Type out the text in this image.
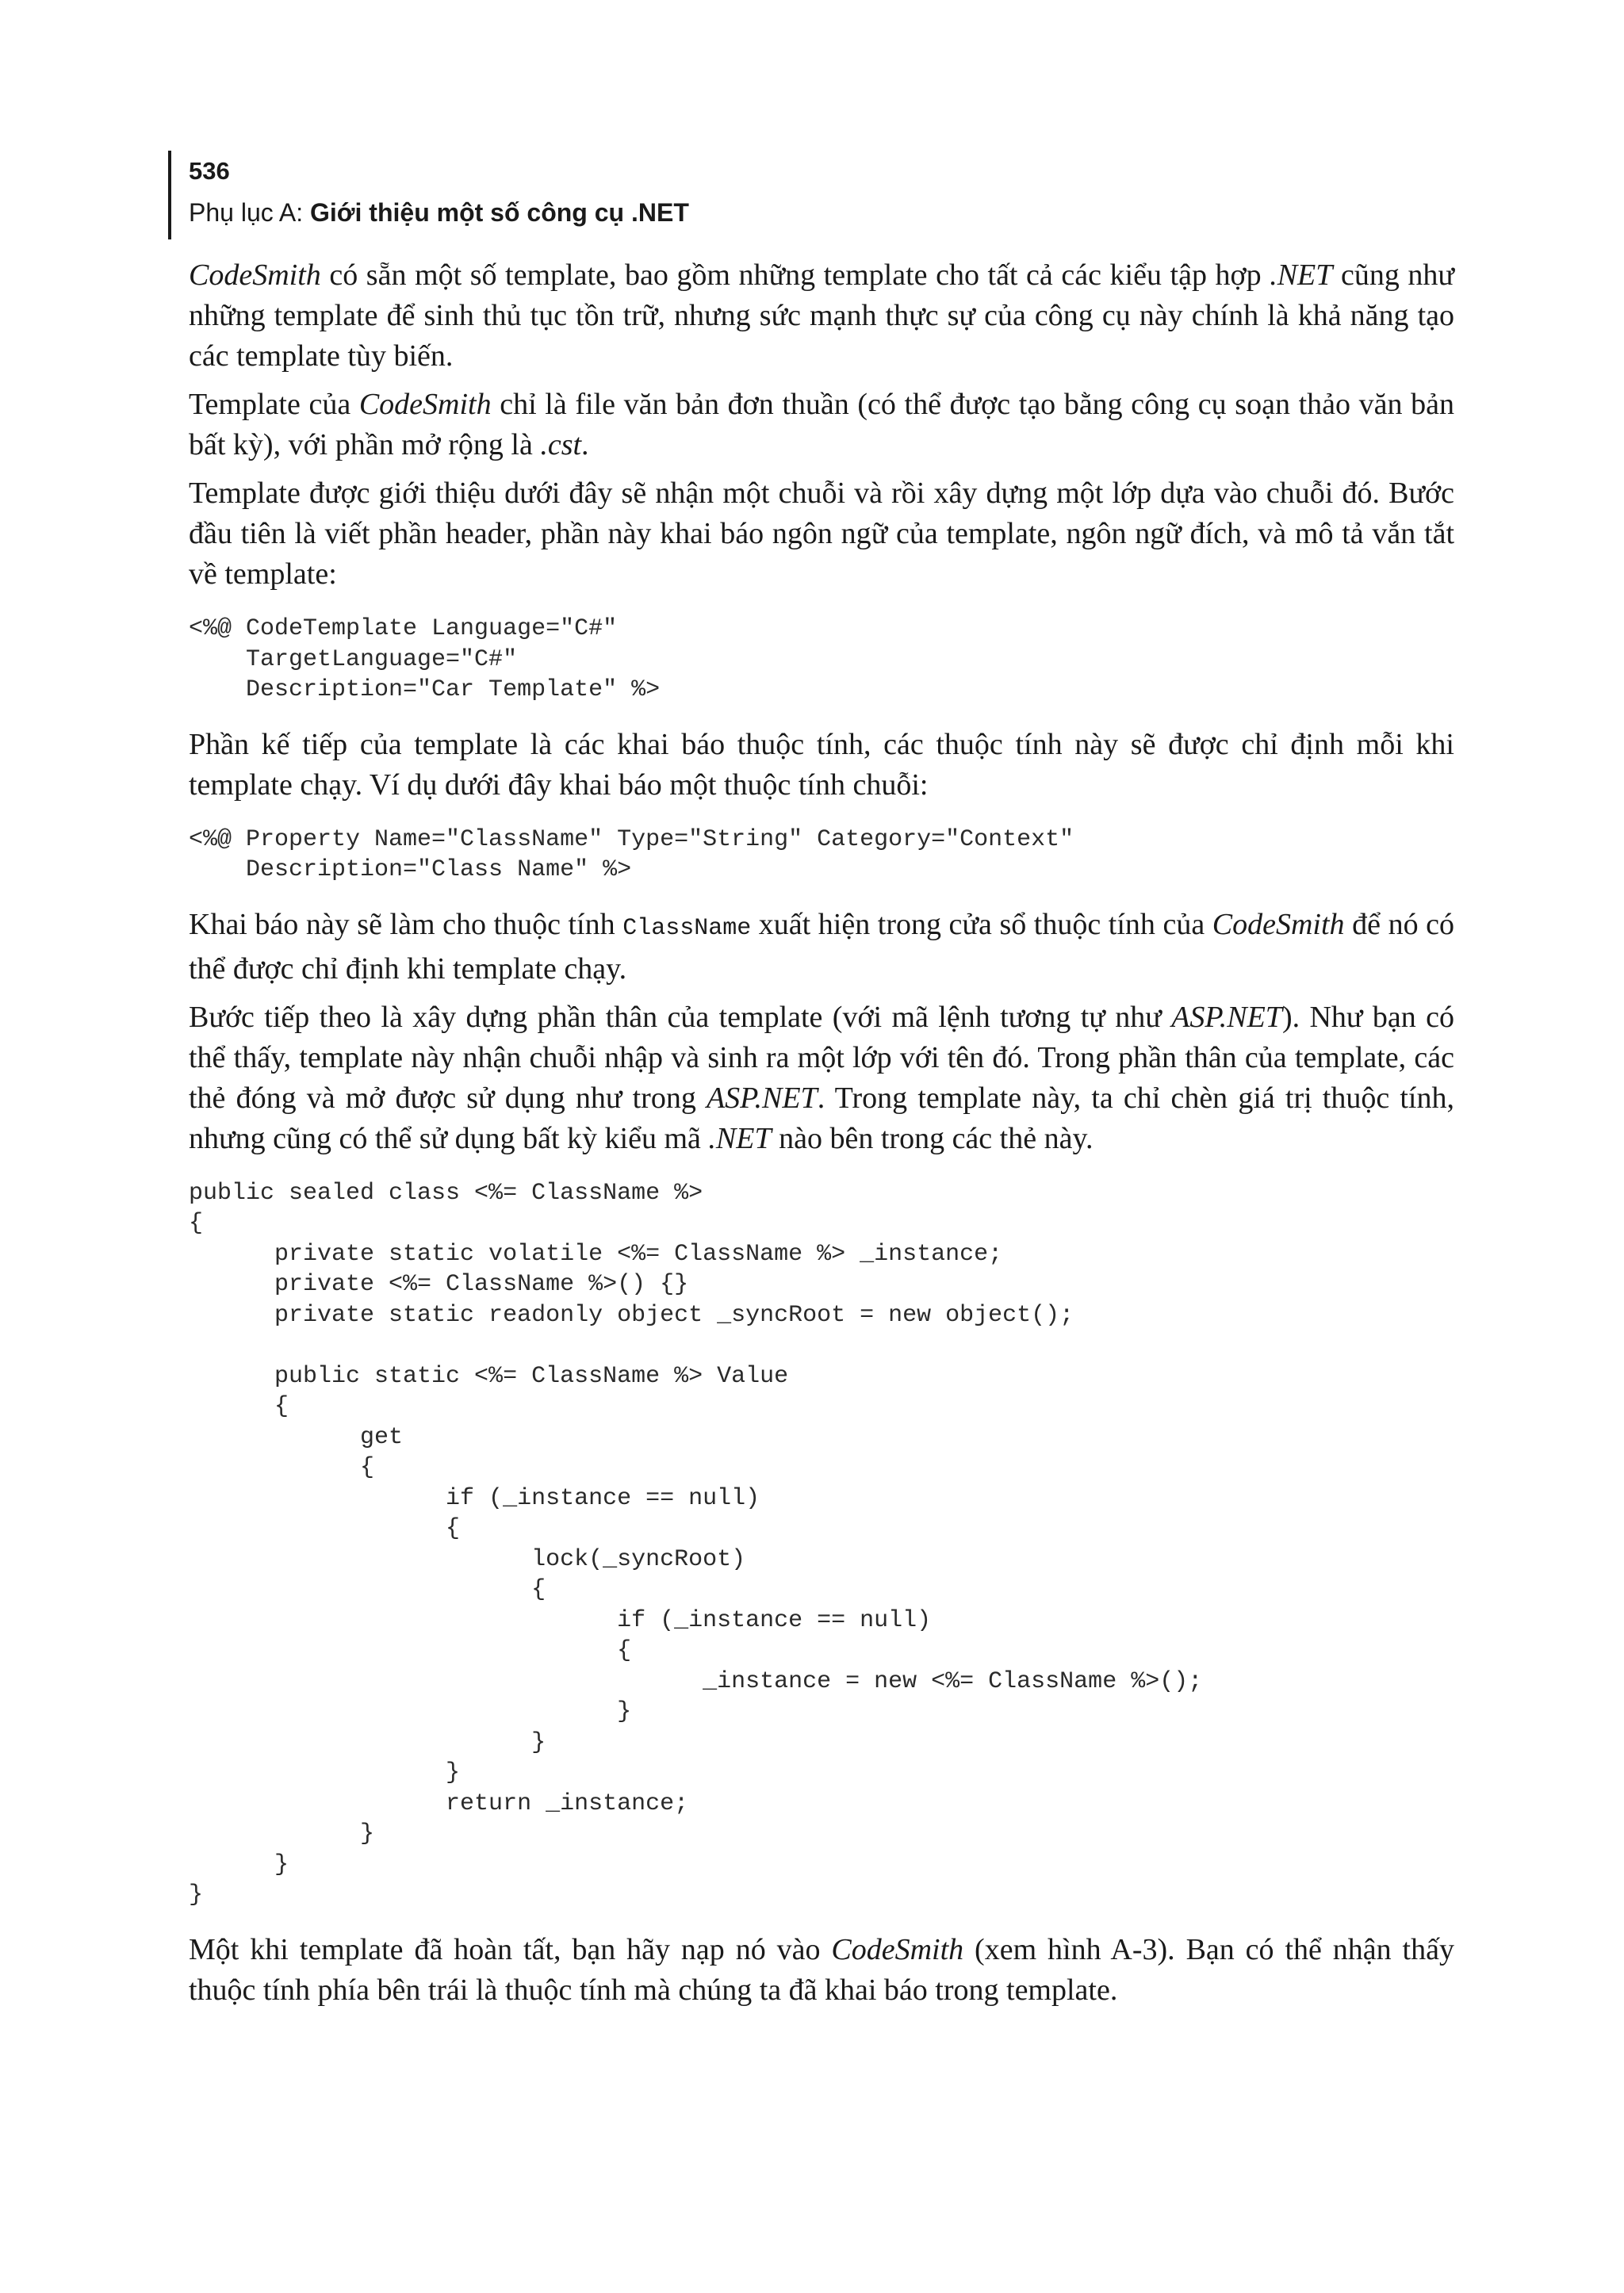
536
Phụ lục A: Giới thiệu một số công cụ .NET

CodeSmith có sẵn một số template, bao gồm những template cho tất cả các kiểu tập hợp .NET cũng như những template để sinh thủ tục tồn trữ, nhưng sức mạnh thực sự của công cụ này chính là khả năng tạo các template tùy biến.

Template của CodeSmith chỉ là file văn bản đơn thuần (có thể được tạo bằng công cụ soạn thảo văn bản bất kỳ), với phần mở rộng là .cst.

Template được giới thiệu dưới đây sẽ nhận một chuỗi và rồi xây dựng một lớp dựa vào chuỗi đó. Bước đầu tiên là viết phần header, phần này khai báo ngôn ngữ của template, ngôn ngữ đích, và mô tả vắn tắt về template:

<%@ CodeTemplate Language="C#"
TargetLanguage="C#"
Description="Car Template" %>

Phần kế tiếp của template là các khai báo thuộc tính, các thuộc tính này sẽ được chỉ định mỗi khi template chạy. Ví dụ dưới đây khai báo một thuộc tính chuỗi:

<%@ Property Name="ClassName" Type="String" Category="Context"
Description="Class Name" %>

Khai báo này sẽ làm cho thuộc tính ClassName xuất hiện trong cửa sổ thuộc tính của CodeSmith để nó có thể được chỉ định khi template chạy.

Bước tiếp theo là xây dựng phần thân của template (với mã lệnh tương tự như ASP.NET). Như bạn có thể thấy, template này nhận chuỗi nhập và sinh ra một lớp với tên đó. Trong phần thân của template, các thẻ đóng và mở được sử dụng như trong ASP.NET. Trong template này, ta chỉ chèn giá trị thuộc tính, nhưng cũng có thể sử dụng bất kỳ kiểu mã .NET nào bên trong các thẻ này.

public sealed class <%= ClassName %>
{
private static volatile <%= ClassName %> _instance;
private <%= ClassName %>() {}
private static readonly object _syncRoot = new object();

public static <%= ClassName %> Value
{
get
{
if (_instance == null)
{
lock(_syncRoot)
{
if (_instance == null)
{
_instance = new <%= ClassName %>();
}
}
}
return _instance;
}
}
}

Một khi template đã hoàn tất, bạn hãy nạp nó vào CodeSmith (xem hình A-3). Bạn có thể nhận thấy thuộc tính phía bên trái là thuộc tính mà chúng ta đã khai báo trong template.
